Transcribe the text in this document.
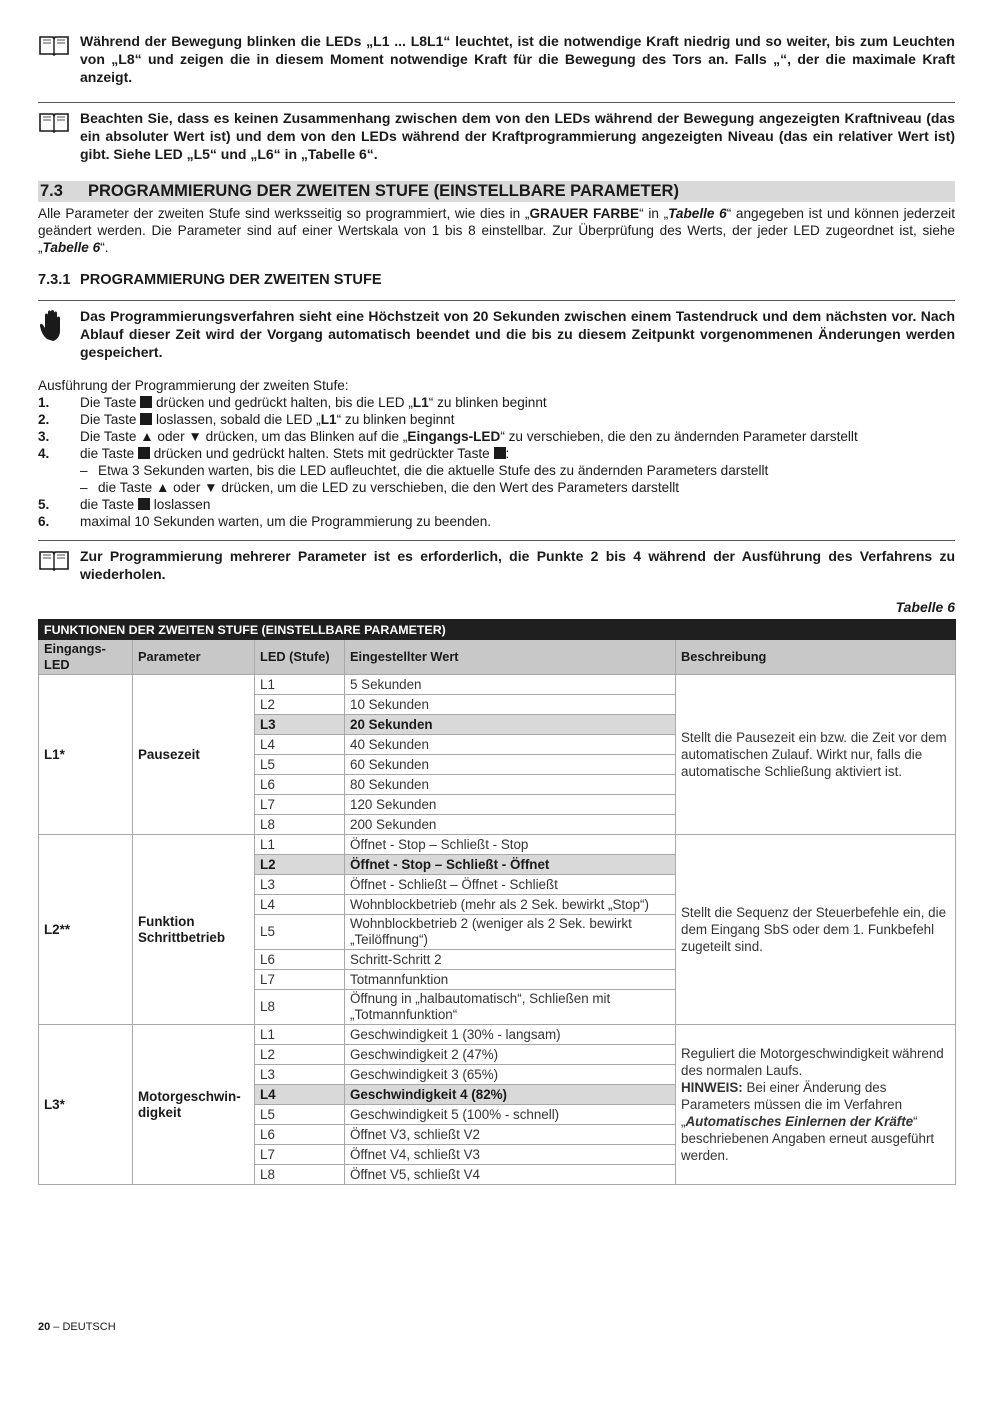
Während der Bewegung blinken die LEDs „L1 ... L8L1“ leuchtet, ist die notwendige Kraft niedrig und so weiter, bis zum Leuchten von „L8“ und zeigen die in diesem Moment notwendige Kraft für die Bewegung des Tors an. Falls „“, der die maximale Kraft anzeigt.
Beachten Sie, dass es keinen Zusammenhang zwischen dem von den LEDs während der Bewegung angezeigten Kraftniveau (das ein absoluter Wert ist) und dem von den LEDs während der Kraftprogrammierung angezeigten Niveau (das ein relativer Wert ist) gibt. Siehe LED „L5“ und „L6“ in „Tabelle 6“.
7.3 PROGRAMMIERUNG DER ZWEITEN STUFE (EINSTELLBARE PARAMETER)
Alle Parameter der zweiten Stufe sind werksseitig so programmiert, wie dies in „GRAUER FARBE“ in „Tabelle 6“ angegeben ist und können jederzeit geändert werden. Die Parameter sind auf einer Wertskala von 1 bis 8 einstellbar. Zur Überprüfung des Werts, der jeder LED zugeordnet ist, siehe „Tabelle 6“.
7.3.1 PROGRAMMIERUNG DER ZWEITEN STUFE
Das Programmierungsverfahren sieht eine Höchstzeit von 20 Sekunden zwischen einem Tastendruck und dem nächsten vor. Nach Ablauf dieser Zeit wird der Vorgang automatisch beendet und die bis zu diesem Zeitpunkt vorgenommenen Änderungen werden gespeichert.
Ausführung der Programmierung der zweiten Stufe:
1.	Die Taste drücken und gedrückt halten, bis die LED „L1“ zu blinken beginnt
2.	Die Taste loslassen, sobald die LED „L1“ zu blinken beginnt
3.	Die Taste ▲ oder ▼ drücken, um das Blinken auf die „Eingangs-LED“ zu verschieben, die den zu ändernden Parameter darstellt
4.	die Taste drücken und gedrückt halten. Stets mit gedrückter Taste :
– Etwa 3 Sekunden warten, bis die LED aufleuchtet, die die aktuelle Stufe des zu ändernden Parameters darstellt
– die Taste ▲ oder ▼ drücken, um die LED zu verschieben, die den Wert des Parameters darstellt
5.	die Taste loslassen
6.	maximal 10 Sekunden warten, um die Programmierung zu beenden.
Zur Programmierung mehrerer Parameter ist es erforderlich, die Punkte 2 bis 4 während der Ausführung des Verfahrens zu wiederholen.
Tabelle 6
FUNKTIONEN DER ZWEITEN STUFE (EINSTELLBARE PARAMETER)				
Eingangs-LED	Parameter	LED (Stufe)	Eingestellter Wert	Beschreibung
L1*	Pausezeit	L1	5 Sekunden	Stellt die Pausezeit ein bzw. die Zeit vor dem automatischen Zulauf. Wirkt nur, falls die automatische Schließung aktiviert ist.
		L2	10 Sekunden	
		L3	20 Sekunden	
		L4	40 Sekunden	
		L5	60 Sekunden	
		L6	80 Sekunden	
		L7	120 Sekunden	
		L8	200 Sekunden	
L2**	Funktion Schrittbetrieb	L1	Öffnet - Stop – Schließt - Stop	Stellt die Sequenz der Steuerbefehle ein, die dem Eingang SbS oder dem 1. Funkbefehl zugeteilt sind.
		L2	Öffnet - Stop – Schließt - Öffnet	
		L3	Öffnet - Schließt – Öffnet - Schließt	
		L4	Wohnblockbetrieb (mehr als 2 Sek. bewirkt „Stop“)	
		L5	Wohnblockbetrieb 2 (weniger als 2 Sek. bewirkt „Teilöffnung“)	
		L6	Schritt-Schritt 2	
		L7	Totmannfunktion	
		L8	Öffnung in „halbautomatisch“, Schließen mit „Totmannfunktion“	
L3*	Motorgeschwin-digkeit	L1	Geschwindigkeit 1 (30% - langsam)	Reguliert die Motorgeschwindigkeit während des normalen Laufs.
HINWEIS: Bei einer Änderung des Parameters müssen die im Verfahren „Automatisches Einlernen der Kräfte“ beschriebenen Angaben erneut ausgeführt werden.
		L2	Geschwindigkeit 2 (47%)	
		L3	Geschwindigkeit 3 (65%)	
		L4	Geschwindigkeit 4 (82%)	
		L5	Geschwindigkeit 5 (100% - schnell)	
		L6	Öffnet V3, schließt V2	
		L7	Öffnet V4, schließt V3	
		L8	Öffnet V5, schließt V4	
20 – DEUTSCH
